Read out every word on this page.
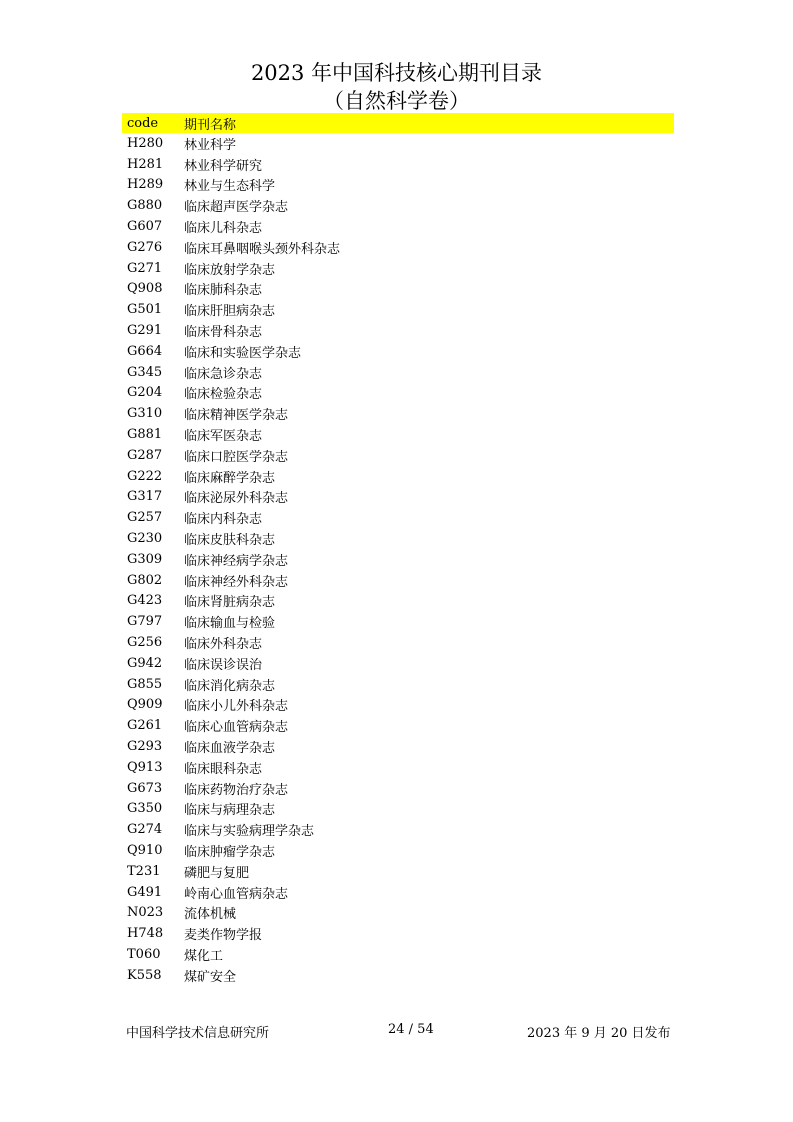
2023 年中国科技核心期刊目录
（自然科学卷）
code	期刊名称
H280	林业科学
H281	林业科学研究
H289	林业与生态科学
G880	临床超声医学杂志
G607	临床儿科杂志
G276	临床耳鼻咽喉头颈外科杂志
G271	临床放射学杂志
Q908	临床肺科杂志
G501	临床肝胆病杂志
G291	临床骨科杂志
G664	临床和实验医学杂志
G345	临床急诊杂志
G204	临床检验杂志
G310	临床精神医学杂志
G881	临床军医杂志
G287	临床口腔医学杂志
G222	临床麻醉学杂志
G317	临床泌尿外科杂志
G257	临床内科杂志
G230	临床皮肤科杂志
G309	临床神经病学杂志
G802	临床神经外科杂志
G423	临床肾脏病杂志
G797	临床输血与检验
G256	临床外科杂志
G942	临床误诊误治
G855	临床消化病杂志
Q909	临床小儿外科杂志
G261	临床心血管病杂志
G293	临床血液学杂志
Q913	临床眼科杂志
G673	临床药物治疗杂志
G350	临床与病理杂志
G274	临床与实验病理学杂志
Q910	临床肿瘤学杂志
T231	磷肥与复肥
G491	岭南心血管病杂志
N023	流体机械
H748	麦类作物学报
T060	煤化工
K558	煤矿安全
中国科学技术信息研究所	24 / 54	2023 年 9 月 20 日发布
